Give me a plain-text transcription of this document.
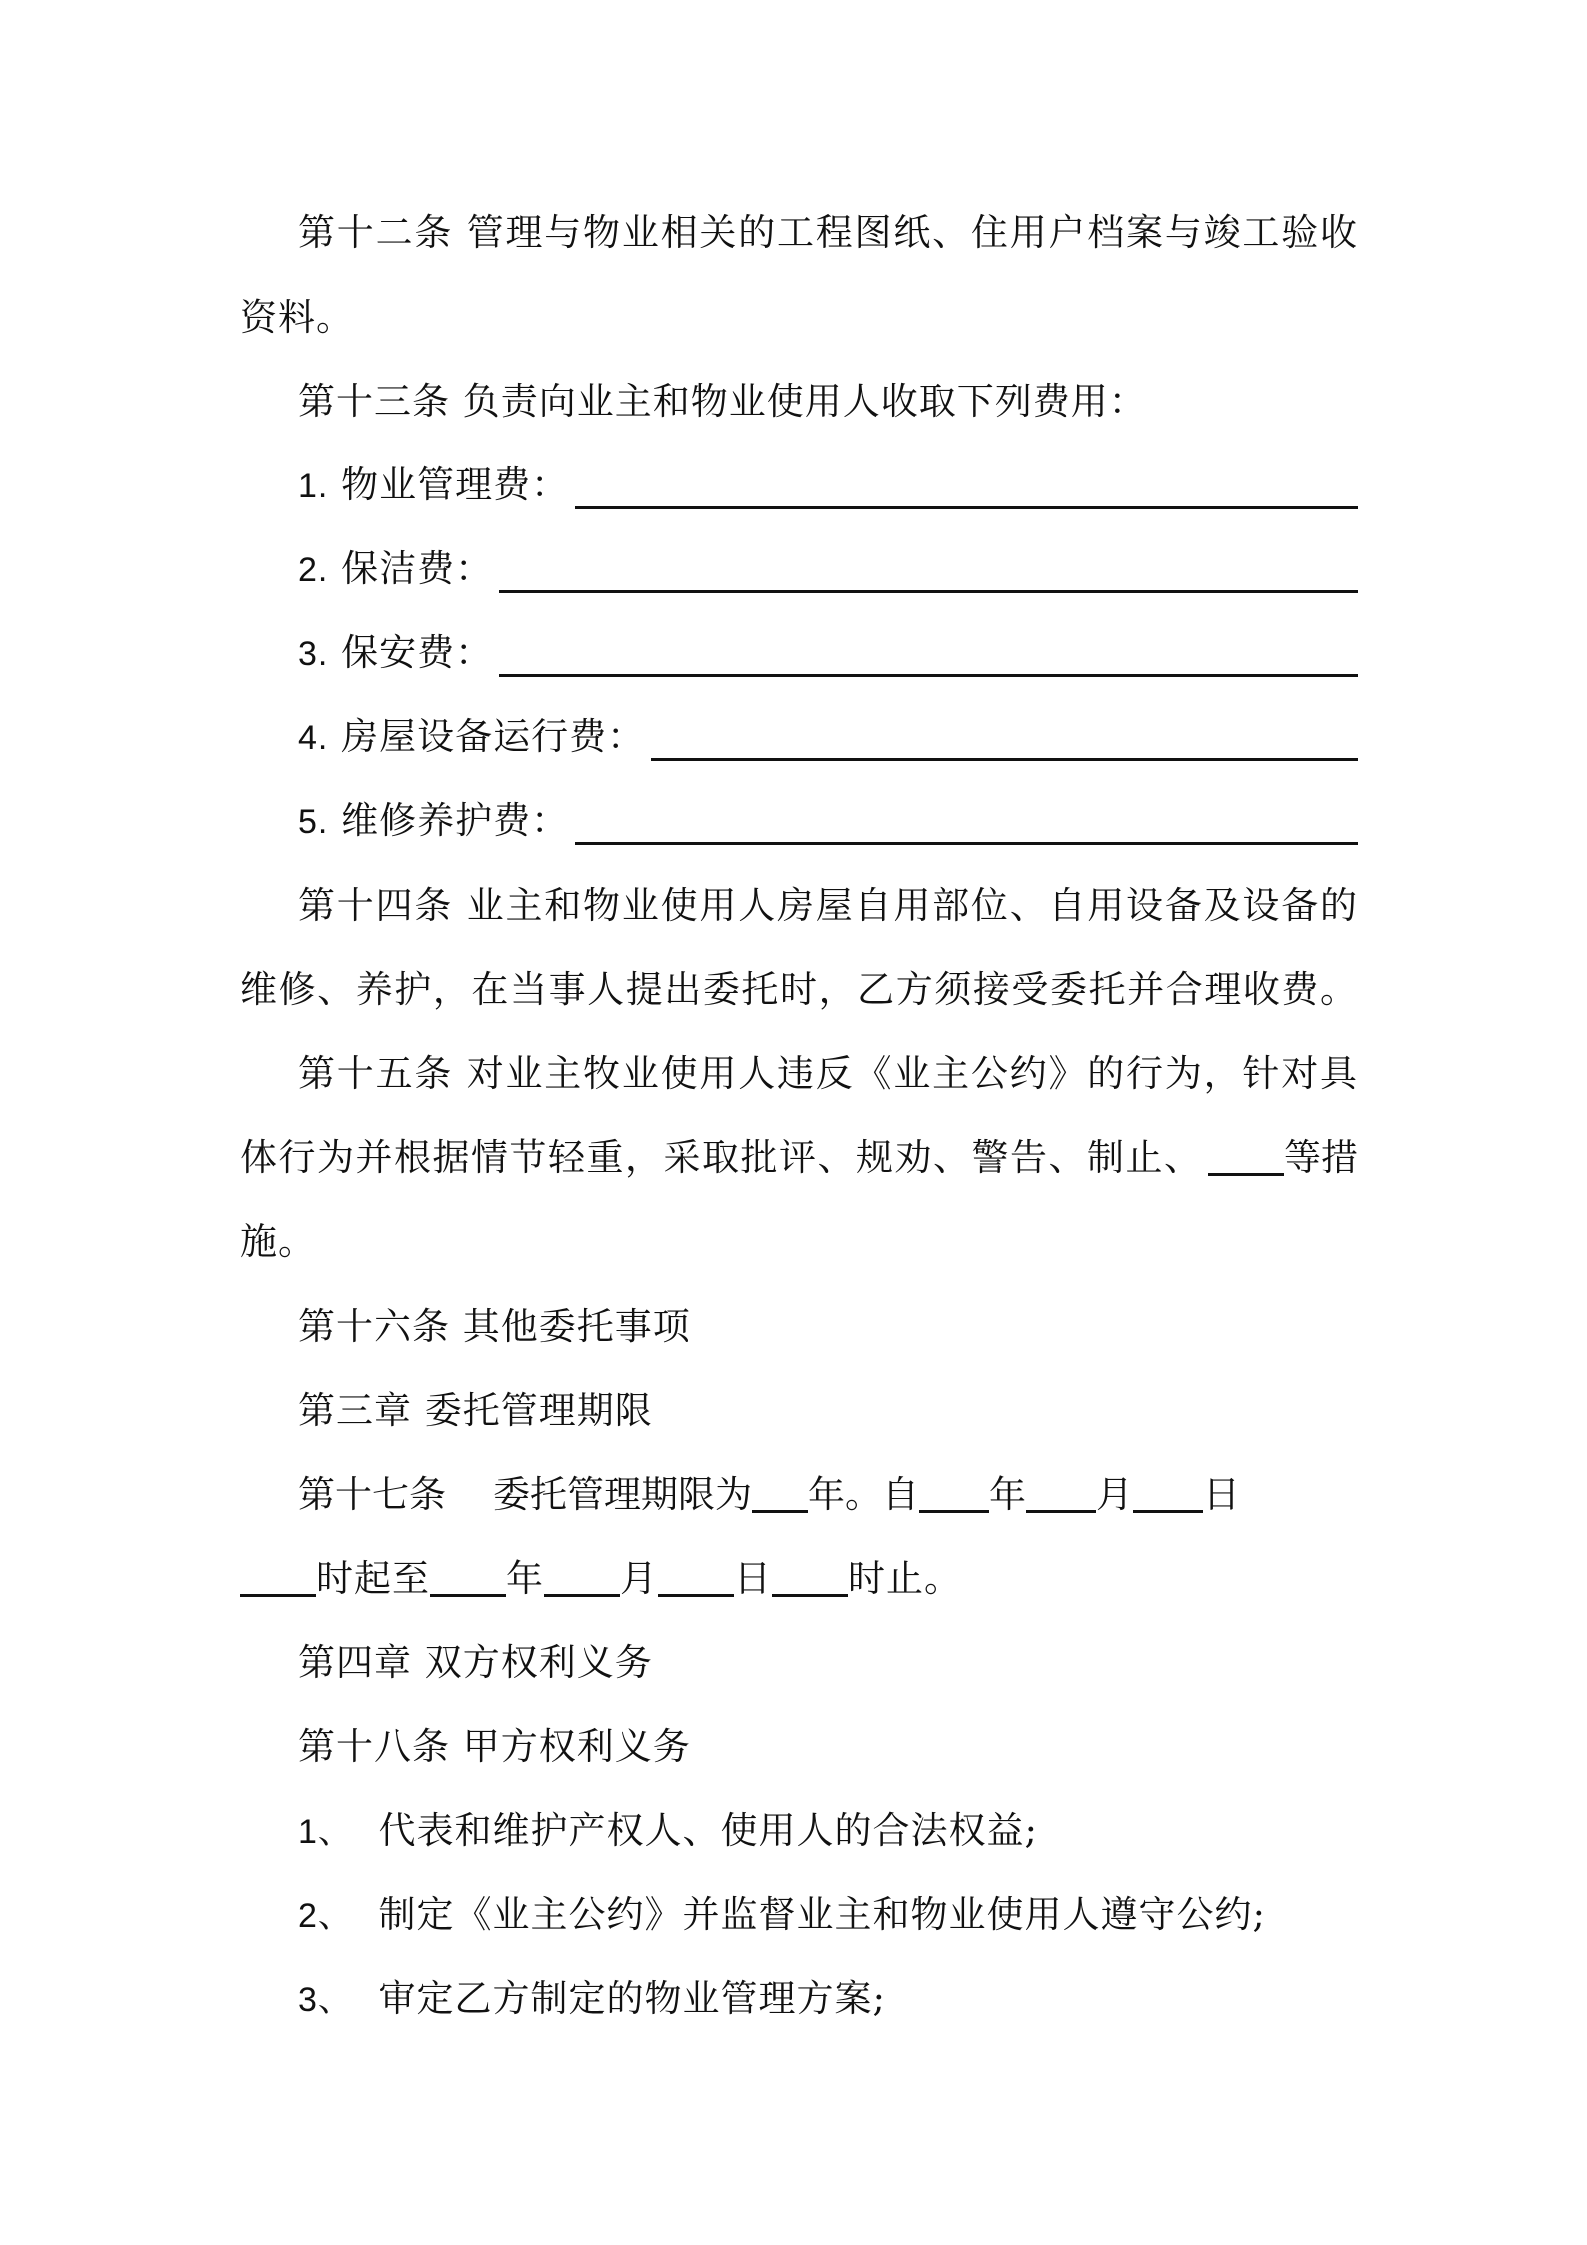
第十二条 管理与物业相关的工程图纸、住用户档案与竣工验收
资料。
第十三条 负责向业主和物业使用人收取下列费用：
1. 物业管理费：
2. 保洁费：
3. 保安费：
4. 房屋设备运行费：
5. 维修养护费：
第十四条 业主和物业使用人房屋自用部位、自用设备及设备的
维修、养护，在当事人提出委托时，乙方须接受委托并合理收费。
第十五条 对业主牧业使用人违反《业主公约》的行为，针对具
体行为并根据情节轻重，采取批评、规劝、警告、制止、	等措
施。
第十六条 其他委托事项
第三章 委托管理期限
第十七条 委托管理期限为 年。自 年 月 日
时起至 年 月 日 时止。
第四章 双方权利义务
第十八条 甲方权利义务
1、 代表和维护产权人、使用人的合法权益;
2、 制定《业主公约》并监督业主和物业使用人遵守公约;
3、 审定乙方制定的物业管理方案;
